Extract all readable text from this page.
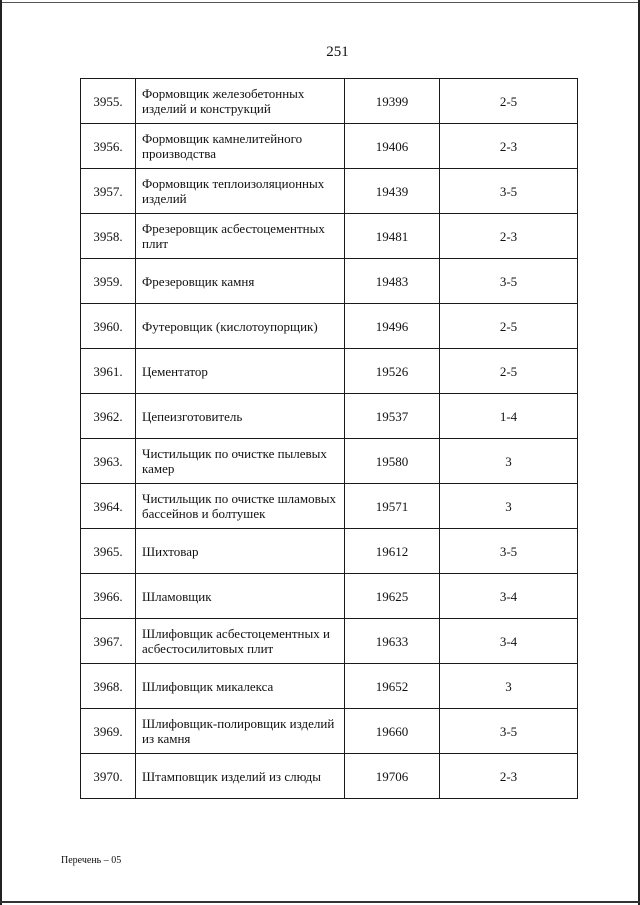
251
3955.	Формовщик железобетонных изделий и конструкций	19399	2-5
3956.	Формовщик камнелитейного производства	19406	2-3
3957.	Формовщик теплоизоляционных изделий	19439	3-5
3958.	Фрезеровщик асбестоцементных плит	19481	2-3
3959.	Фрезеровщик камня	19483	3-5
3960.	Футеровщик (кислотоупорщик)	19496	2-5
3961.	Цементатор	19526	2-5
3962.	Цепеизготовитель	19537	1-4
3963.	Чистильщик по очистке пылевых камер	19580	3
3964.	Чистильщик по очистке шламовых бассейнов и болтушек	19571	3
3965.	Шихтовар	19612	3-5
3966.	Шламовщик	19625	3-4
3967.	Шлифовщик асбестоцементных и асбестосилитовых плит	19633	3-4
3968.	Шлифовщик микалекса	19652	3
3969.	Шлифовщик-полировщик изделий из камня	19660	3-5
3970.	Штамповщик изделий из слюды	19706	2-3
Перечень – 05
